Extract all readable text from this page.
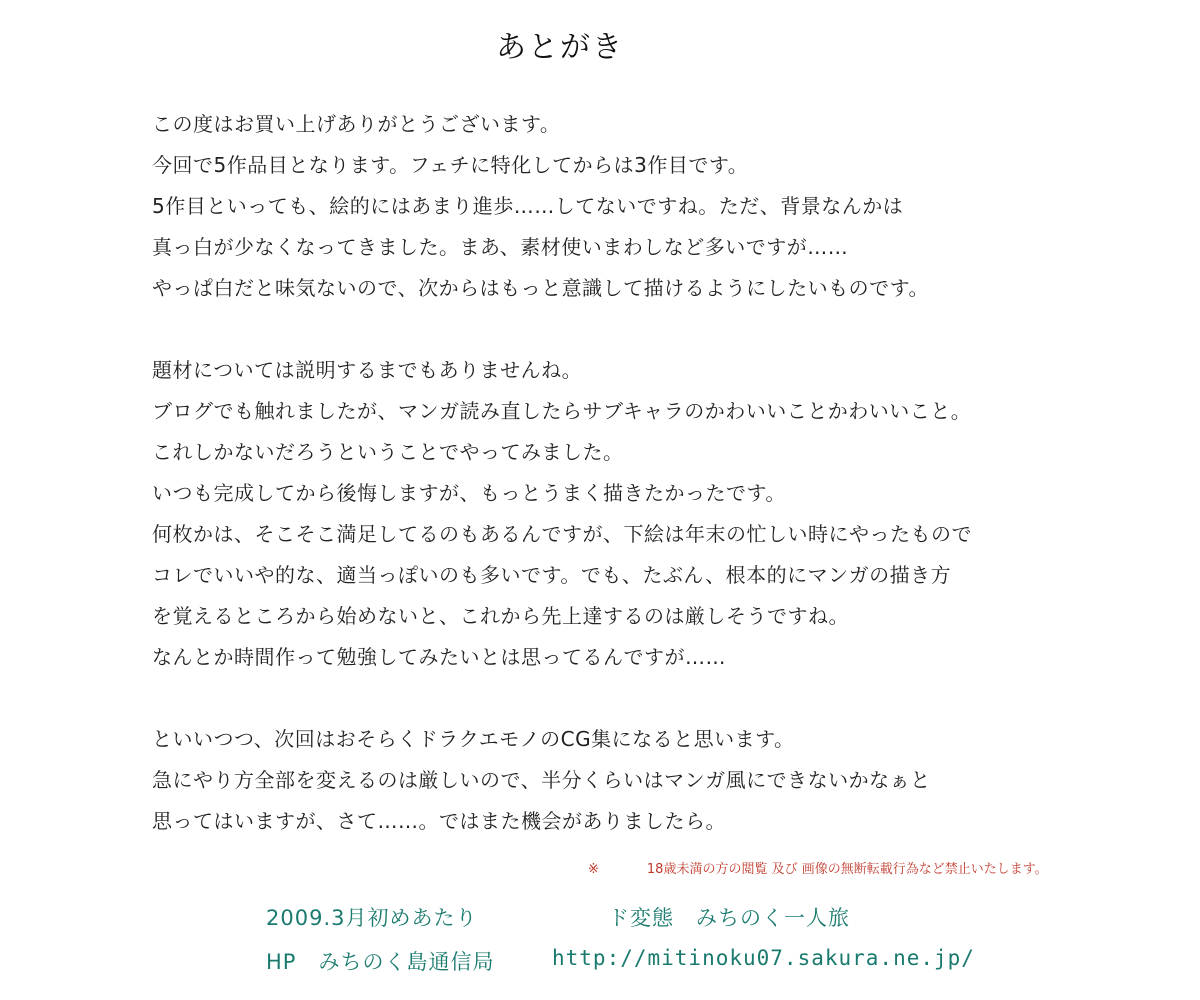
あとがき
この度はお買い上げありがとうございます。
今回で5作品目となります。フェチに特化してからは3作目です。
5作目といっても、絵的にはあまり進歩……してないですね。ただ、背景なんかは
真っ白が少なくなってきました。まあ、素材使いまわしなど多いですが……
やっぱ白だと味気ないので、次からはもっと意識して描けるようにしたいものです。
題材については説明するまでもありませんね。
ブログでも触れましたが、マンガ読み直したらサブキャラのかわいいことかわいいこと。
これしかないだろうということでやってみました。
いつも完成してから後悔しますが、もっとうまく描きたかったです。
何枚かは、そこそこ満足してるのもあるんですが、下絵は年末の忙しい時にやったもので
コレでいいや的な、適当っぽいのも多いです。でも、たぶん、根本的にマンガの描き方
を覚えるところから始めないと、これから先上達するのは厳しそうですね。
なんとか時間作って勉強してみたいとは思ってるんですが……
といいつつ、次回はおそらくドラクエモノのCG集になると思います。
急にやり方全部を変えるのは厳しいので、半分くらいはマンガ風にできないかなぁと
思ってはいますが、さて……。ではまた機会がありましたら。
※	18歳未満の方の閲覧 及び 画像の無断転載行為など禁止いたします。
2009.3月初めあたり	ド変態　みちのく一人旅
HP　みちのく島通信局	http://mitinoku07.sakura.ne.jp/
